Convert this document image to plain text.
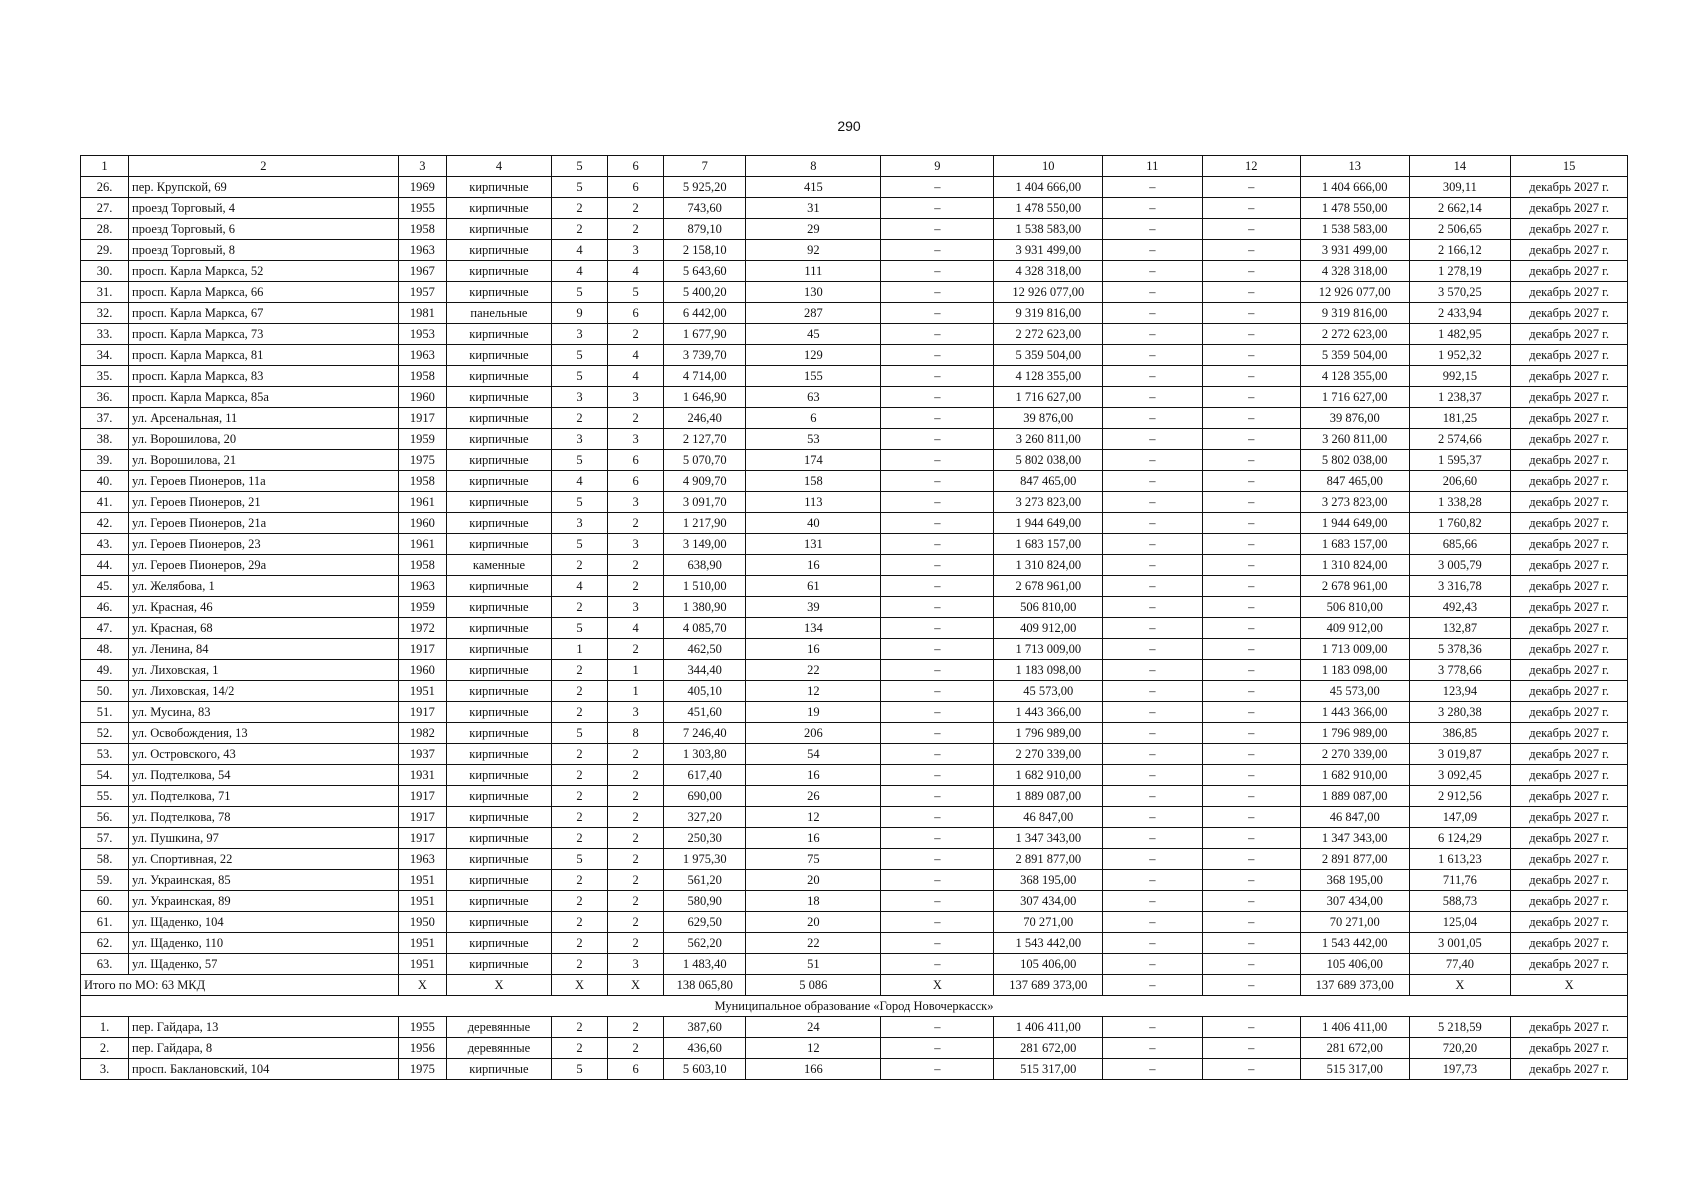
290
1	2	3	4	5	6	7	8	9	10	11	12	13	14	15
26.	пер. Крупской, 69	1969	кирпичные	5	6	5 925,20	415	–	1 404 666,00	–	–	1 404 666,00	309,11	декабрь 2027 г.
27.	проезд Торговый, 4	1955	кирпичные	2	2	743,60	31	–	1 478 550,00	–	–	1 478 550,00	2 662,14	декабрь 2027 г.
28.	проезд Торговый, 6	1958	кирпичные	2	2	879,10	29	–	1 538 583,00	–	–	1 538 583,00	2 506,65	декабрь 2027 г.
29.	проезд Торговый, 8	1963	кирпичные	4	3	2 158,10	92	–	3 931 499,00	–	–	3 931 499,00	2 166,12	декабрь 2027 г.
30.	просп. Карла Маркса, 52	1967	кирпичные	4	4	5 643,60	111	–	4 328 318,00	–	–	4 328 318,00	1 278,19	декабрь 2027 г.
31.	просп. Карла Маркса, 66	1957	кирпичные	5	5	5 400,20	130	–	12 926 077,00	–	–	12 926 077,00	3 570,25	декабрь 2027 г.
32.	просп. Карла Маркса, 67	1981	панельные	9	6	6 442,00	287	–	9 319 816,00	–	–	9 319 816,00	2 433,94	декабрь 2027 г.
33.	просп. Карла Маркса, 73	1953	кирпичные	3	2	1 677,90	45	–	2 272 623,00	–	–	2 272 623,00	1 482,95	декабрь 2027 г.
34.	просп. Карла Маркса, 81	1963	кирпичные	5	4	3 739,70	129	–	5 359 504,00	–	–	5 359 504,00	1 952,32	декабрь 2027 г.
35.	просп. Карла Маркса, 83	1958	кирпичные	5	4	4 714,00	155	–	4 128 355,00	–	–	4 128 355,00	992,15	декабрь 2027 г.
36.	просп. Карла Маркса, 85а	1960	кирпичные	3	3	1 646,90	63	–	1 716 627,00	–	–	1 716 627,00	1 238,37	декабрь 2027 г.
37.	ул. Арсенальная, 11	1917	кирпичные	2	2	246,40	6	–	39 876,00	–	–	39 876,00	181,25	декабрь 2027 г.
38.	ул. Ворошилова, 20	1959	кирпичные	3	3	2 127,70	53	–	3 260 811,00	–	–	3 260 811,00	2 574,66	декабрь 2027 г.
39.	ул. Ворошилова, 21	1975	кирпичные	5	6	5 070,70	174	–	5 802 038,00	–	–	5 802 038,00	1 595,37	декабрь 2027 г.
40.	ул. Героев Пионеров, 11а	1958	кирпичные	4	6	4 909,70	158	–	847 465,00	–	–	847 465,00	206,60	декабрь 2027 г.
41.	ул. Героев Пионеров, 21	1961	кирпичные	5	3	3 091,70	113	–	3 273 823,00	–	–	3 273 823,00	1 338,28	декабрь 2027 г.
42.	ул. Героев Пионеров, 21а	1960	кирпичные	3	2	1 217,90	40	–	1 944 649,00	–	–	1 944 649,00	1 760,82	декабрь 2027 г.
43.	ул. Героев Пионеров, 23	1961	кирпичные	5	3	3 149,00	131	–	1 683 157,00	–	–	1 683 157,00	685,66	декабрь 2027 г.
44.	ул. Героев Пионеров, 29а	1958	каменные	2	2	638,90	16	–	1 310 824,00	–	–	1 310 824,00	3 005,79	декабрь 2027 г.
45.	ул. Желябова, 1	1963	кирпичные	4	2	1 510,00	61	–	2 678 961,00	–	–	2 678 961,00	3 316,78	декабрь 2027 г.
46.	ул. Красная, 46	1959	кирпичные	2	3	1 380,90	39	–	506 810,00	–	–	506 810,00	492,43	декабрь 2027 г.
47.	ул. Красная, 68	1972	кирпичные	5	4	4 085,70	134	–	409 912,00	–	–	409 912,00	132,87	декабрь 2027 г.
48.	ул. Ленина, 84	1917	кирпичные	1	2	462,50	16	–	1 713 009,00	–	–	1 713 009,00	5 378,36	декабрь 2027 г.
49.	ул. Лиховская, 1	1960	кирпичные	2	1	344,40	22	–	1 183 098,00	–	–	1 183 098,00	3 778,66	декабрь 2027 г.
50.	ул. Лиховская, 14/2	1951	кирпичные	2	1	405,10	12	–	45 573,00	–	–	45 573,00	123,94	декабрь 2027 г.
51.	ул. Мусина, 83	1917	кирпичные	2	3	451,60	19	–	1 443 366,00	–	–	1 443 366,00	3 280,38	декабрь 2027 г.
52.	ул. Освобождения, 13	1982	кирпичные	5	8	7 246,40	206	–	1 796 989,00	–	–	1 796 989,00	386,85	декабрь 2027 г.
53.	ул. Островского, 43	1937	кирпичные	2	2	1 303,80	54	–	2 270 339,00	–	–	2 270 339,00	3 019,87	декабрь 2027 г.
54.	ул. Подтелкова, 54	1931	кирпичные	2	2	617,40	16	–	1 682 910,00	–	–	1 682 910,00	3 092,45	декабрь 2027 г.
55.	ул. Подтелкова, 71	1917	кирпичные	2	2	690,00	26	–	1 889 087,00	–	–	1 889 087,00	2 912,56	декабрь 2027 г.
56.	ул. Подтелкова, 78	1917	кирпичные	2	2	327,20	12	–	46 847,00	–	–	46 847,00	147,09	декабрь 2027 г.
57.	ул. Пушкина, 97	1917	кирпичные	2	2	250,30	16	–	1 347 343,00	–	–	1 347 343,00	6 124,29	декабрь 2027 г.
58.	ул. Спортивная, 22	1963	кирпичные	5	2	1 975,30	75	–	2 891 877,00	–	–	2 891 877,00	1 613,23	декабрь 2027 г.
59.	ул. Украинская, 85	1951	кирпичные	2	2	561,20	20	–	368 195,00	–	–	368 195,00	711,76	декабрь 2027 г.
60.	ул. Украинская, 89	1951	кирпичные	2	2	580,90	18	–	307 434,00	–	–	307 434,00	588,73	декабрь 2027 г.
61.	ул. Щаденко, 104	1950	кирпичные	2	2	629,50	20	–	70 271,00	–	–	70 271,00	125,04	декабрь 2027 г.
62.	ул. Щаденко, 110	1951	кирпичные	2	2	562,20	22	–	1 543 442,00	–	–	1 543 442,00	3 001,05	декабрь 2027 г.
63.	ул. Щаденко, 57	1951	кирпичные	2	3	1 483,40	51	–	105 406,00	–	–	105 406,00	77,40	декабрь 2027 г.
Итого по МО: 63 МКД		X	X	X	X	138 065,80	5 086	X	137 689 373,00	–	–	137 689 373,00	X	X
Муниципальное образование «Город Новочеркасск»														
1.	пер. Гайдара, 13	1955	деревянные	2	2	387,60	24	–	1 406 411,00	–	–	1 406 411,00	5 218,59	декабрь 2027 г.
2.	пер. Гайдара, 8	1956	деревянные	2	2	436,60	12	–	281 672,00	–	–	281 672,00	720,20	декабрь 2027 г.
3.	просп. Баклановский, 104	1975	кирпичные	5	6	5 603,10	166	–	515 317,00	–	–	515 317,00	197,73	декабрь 2027 г.
